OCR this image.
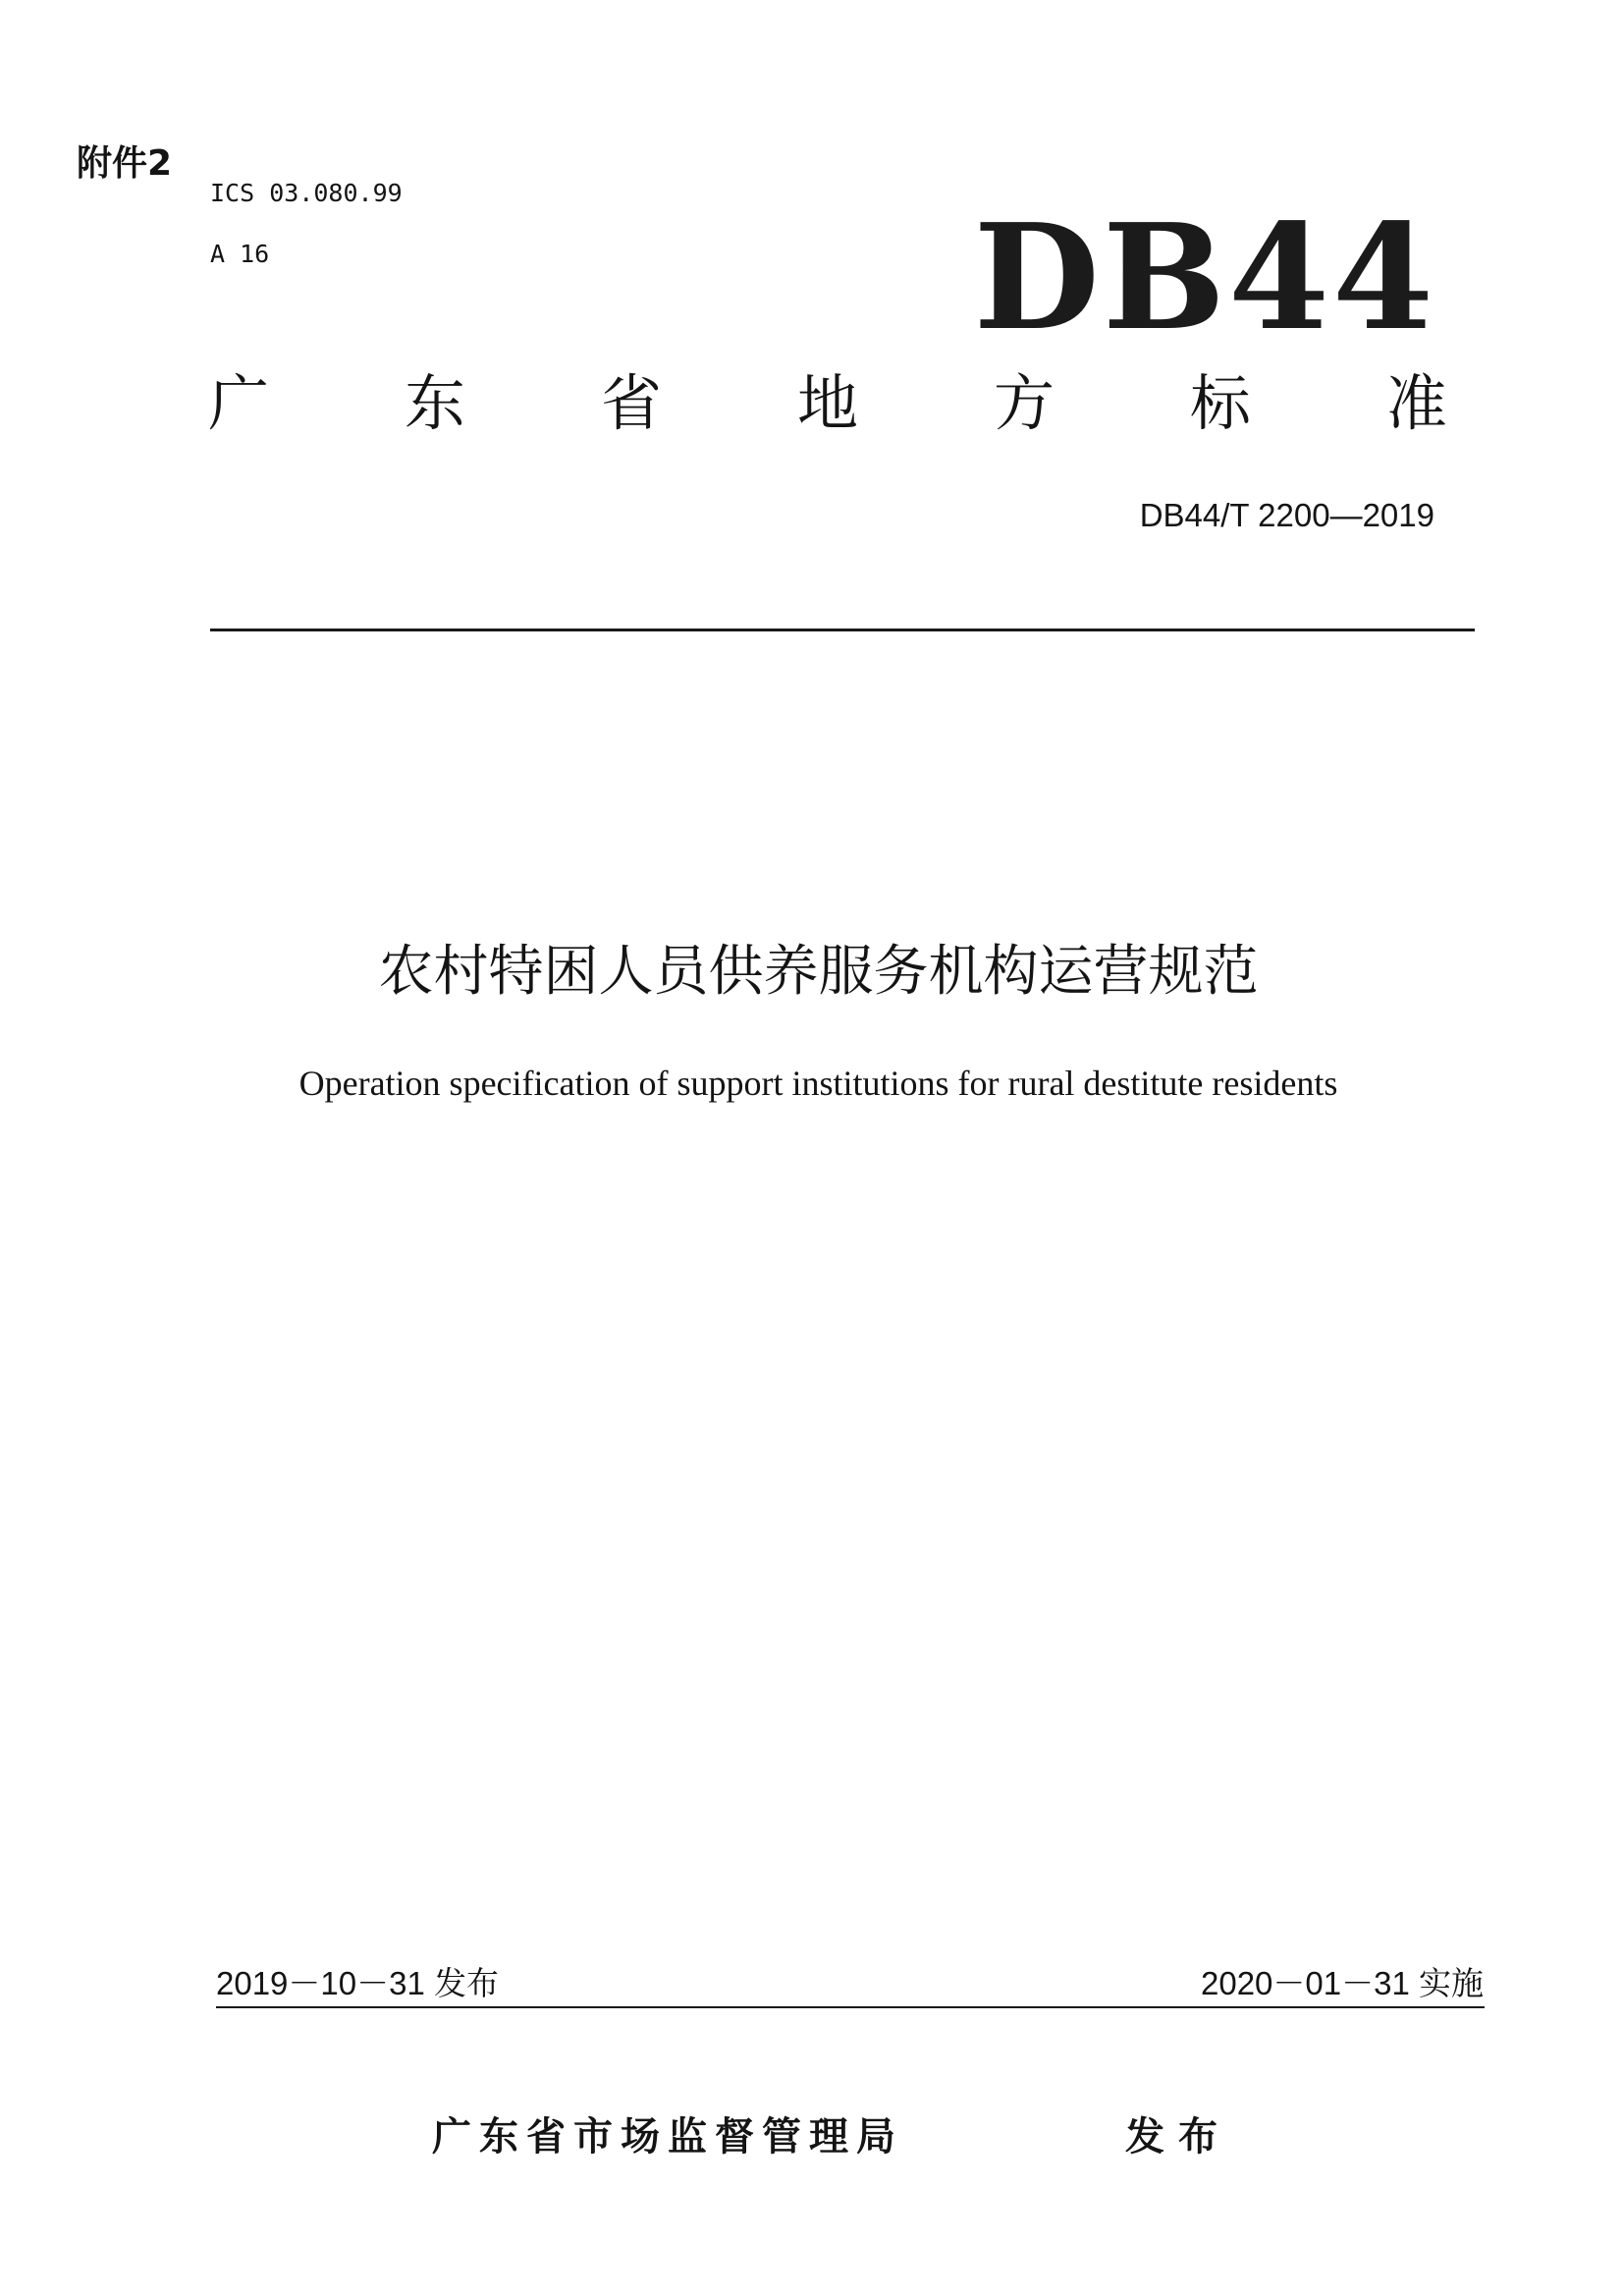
附件2
ICS 03.080.99
A 16	DB44
广 东 省 地 方 标 准
DB44/T 2200—2019
农村特困人员供养服务机构运营规范
Operation specification of support institutions for rural destitute residents
2019－10－31 发布	2020－01－31 实施
广东省市场监督管理局	发布
